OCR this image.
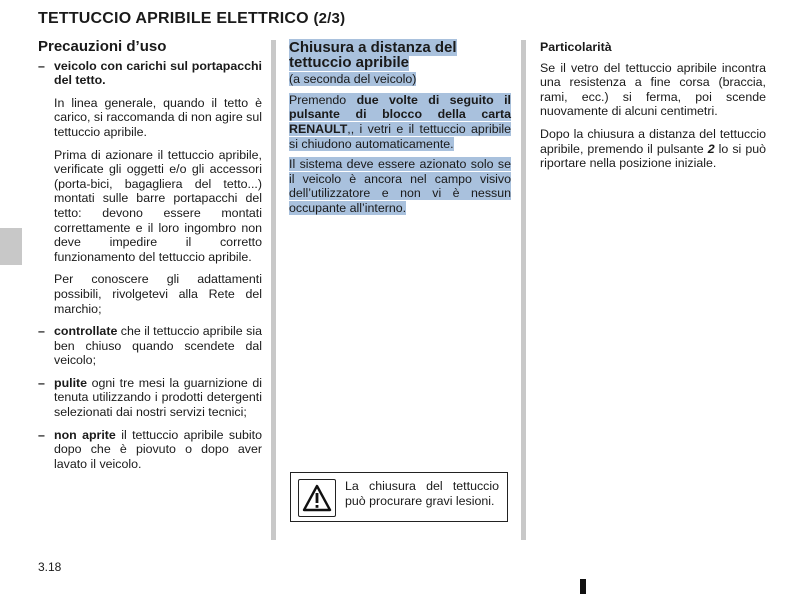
TETTUCCIO APRIBILE ELETTRICO (2/3)
Precauzioni d’uso
– veicolo con carichi sul portapacchi del tetto.

In linea generale, quando il tetto è carico, si raccomanda di non agire sul tettuccio apribile.

Prima di azionare il tettuccio apribile, verificate gli oggetti e/o gli accessori (porta-bici, bagagliera del tetto...) montati sulle barre portapacchi del tetto: devono essere montati correttamente e il loro ingombro non deve impedire il corretto funzionamento del tettuccio apribile.

Per conoscere gli adattamenti possibili, rivolgetevi alla Rete del marchio;

– controllate che il tettuccio apribile sia ben chiuso quando scendete dal veicolo;
– pulite ogni tre mesi la guarnizione di tenuta utilizzando i prodotti detergenti selezionati dai nostri servizi tecnici;
– non aprite il tettuccio apribile subito dopo che è piovuto o dopo aver lavato il veicolo.
Chiusura a distanza del tettuccio apribile
(a seconda del veicolo)

Premendo due volte di seguito il pulsante di blocco della carta RENAULT,, i vetri e il tettuccio apribile si chiudono automaticamente.

Il sistema deve essere azionato solo se il veicolo è ancora nel campo visivo dell’utilizzatore e non vi è nessun occupante all’interno.

La chiusura del tettuccio può procurare gravi lesioni.
Particolarità

Se il vetro del tettuccio apribile incontra una resistenza a fine corsa (braccia, rami, ecc.) si ferma, poi scende nuovamente di alcuni centimetri.

Dopo la chiusura a distanza del tettuccio apribile, premendo il pulsante 2 lo si può riportare nella posizione iniziale.

3.18
